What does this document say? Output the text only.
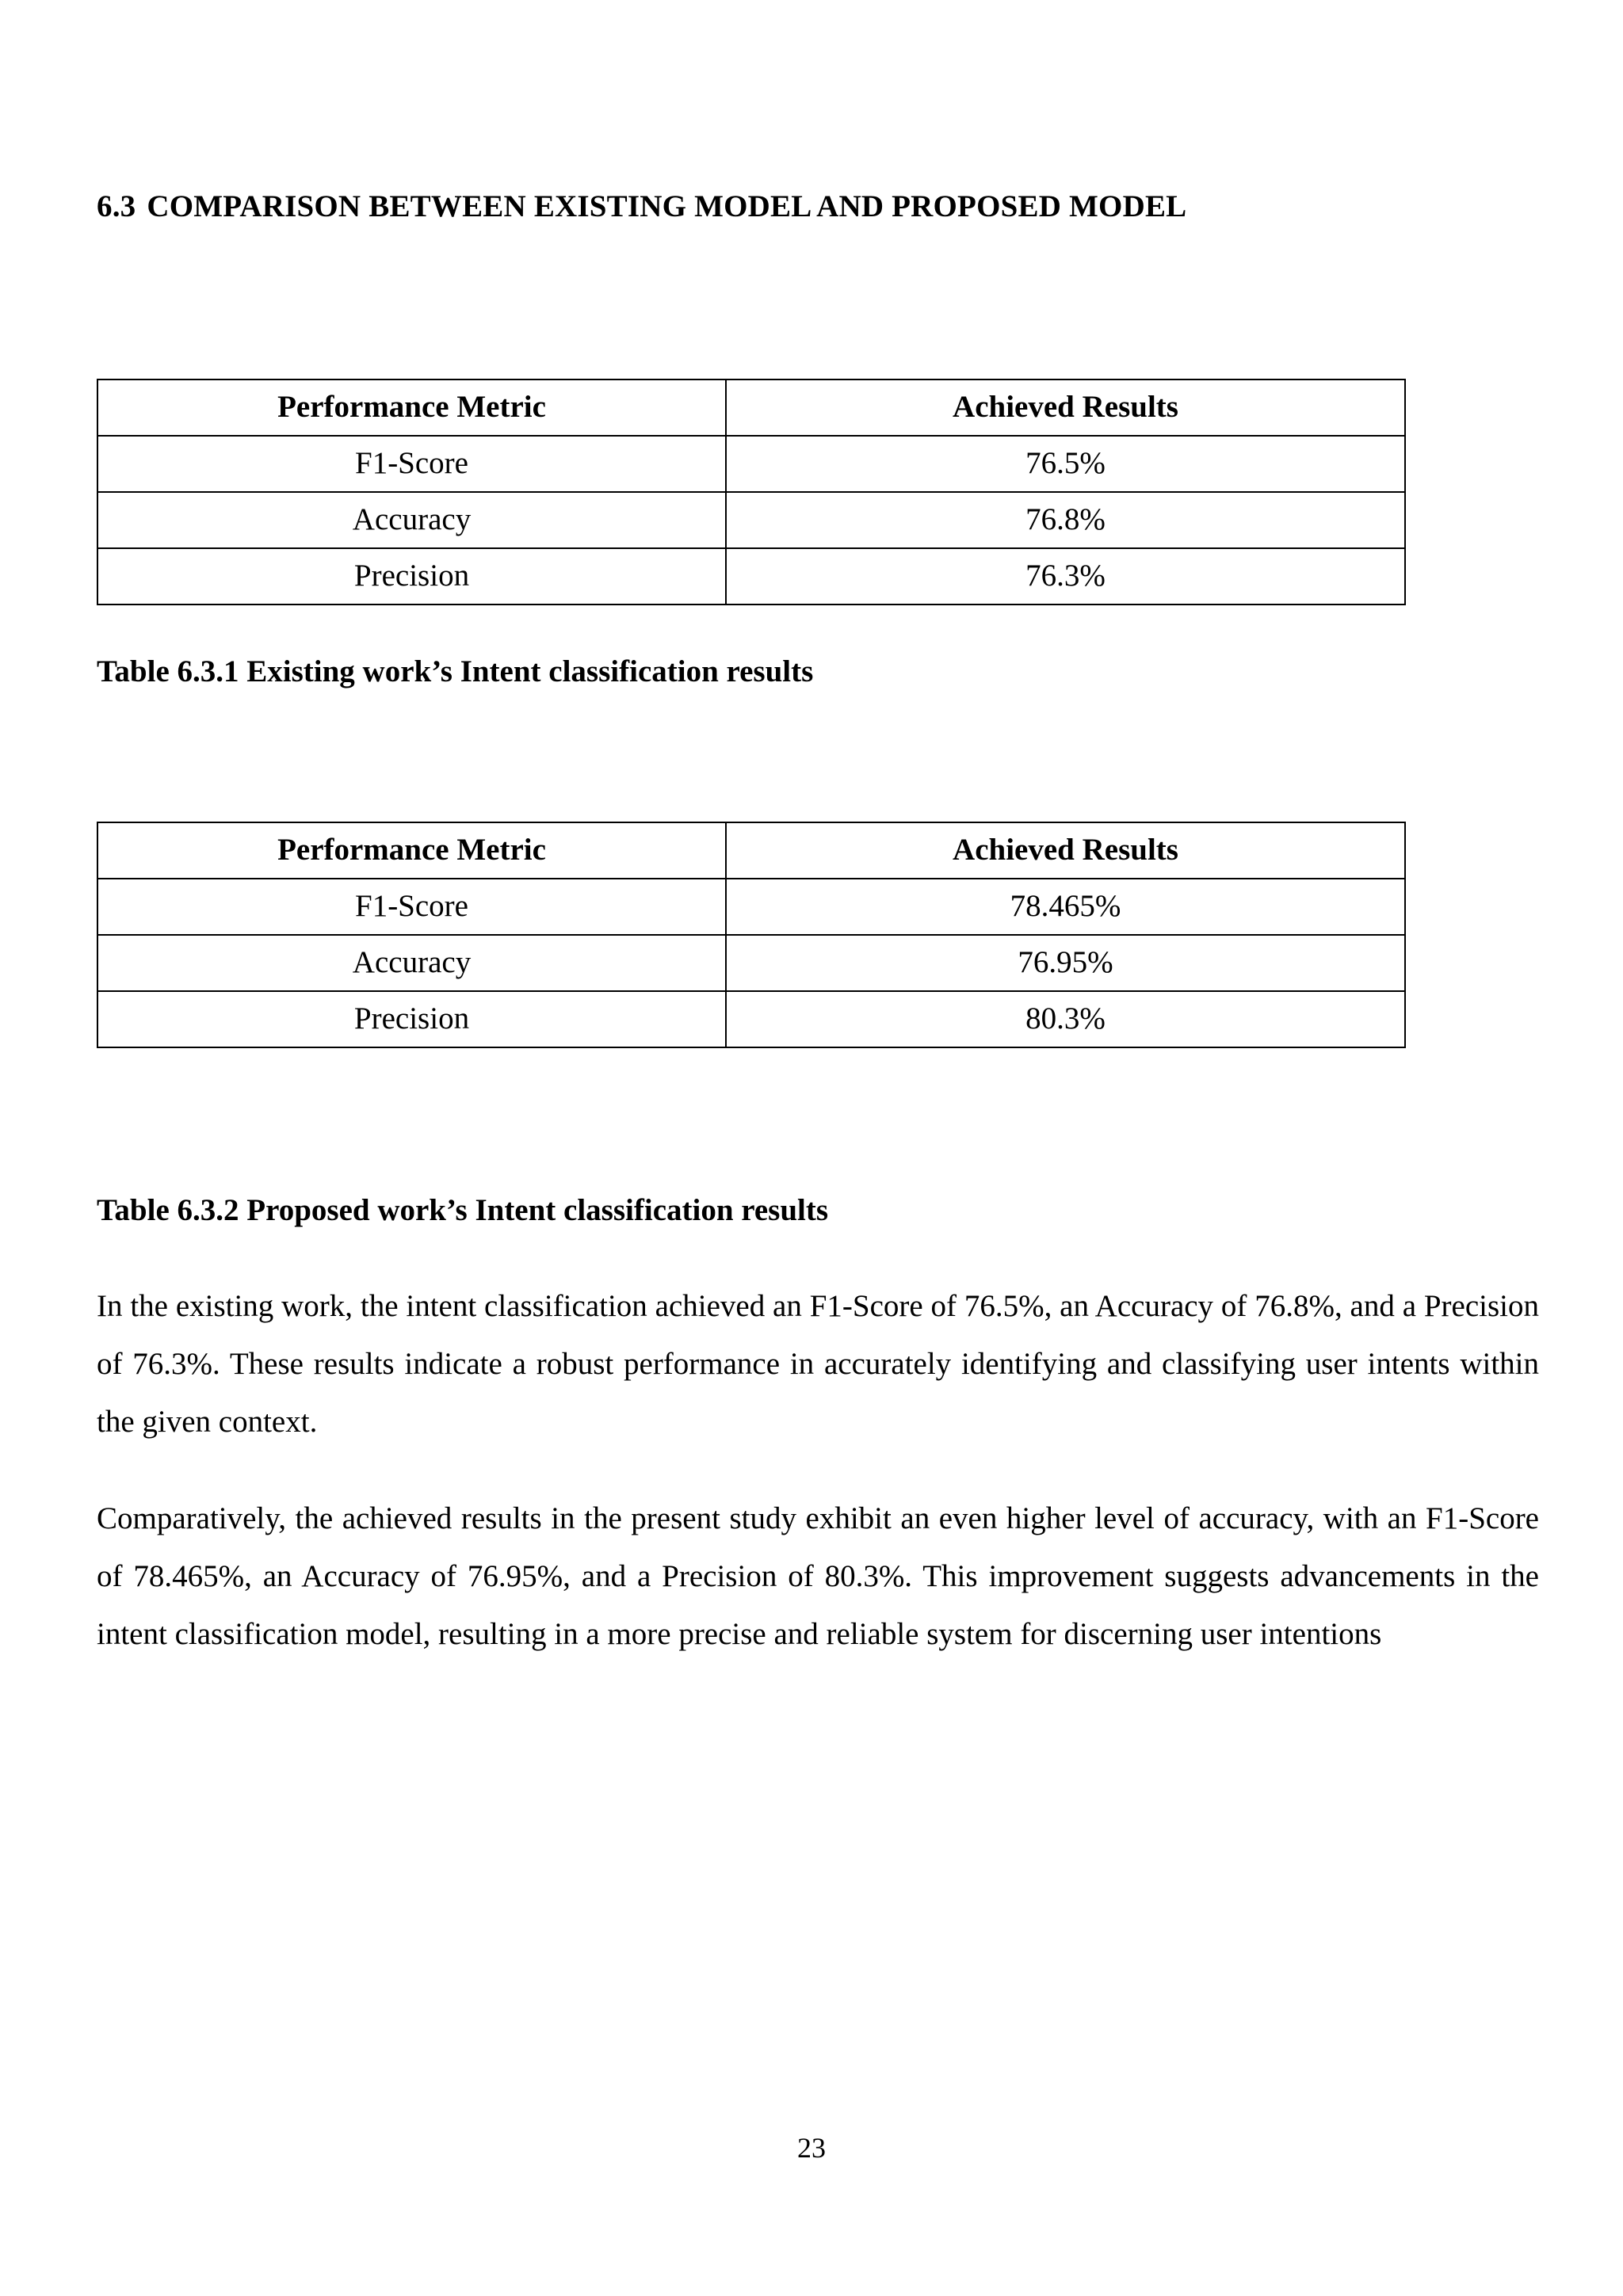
6.3 COMPARISON BETWEEN EXISTING MODEL AND PROPOSED MODEL
Performance Metric	Achieved Results
F1-Score	76.5%
Accuracy	76.8%
Precision	76.3%

Table 6.3.1 Existing work’s Intent classification results

Performance Metric	Achieved Results
F1-Score	78.465%
Accuracy	76.95%
Precision	80.3%

Table 6.3.2 Proposed work’s Intent classification results

In the existing work, the intent classification achieved an F1-Score of 76.5%, an Accuracy of 76.8%, and a Precision of 76.3%. These results indicate a robust performance in accurately identifying and classifying user intents within the given context.

Comparatively, the achieved results in the present study exhibit an even higher level of accuracy, with an F1-Score of 78.465%, an Accuracy of 76.95%, and a Precision of 80.3%. This improvement suggests advancements in the intent classification model, resulting in a more precise and reliable system for discerning user intentions

23
